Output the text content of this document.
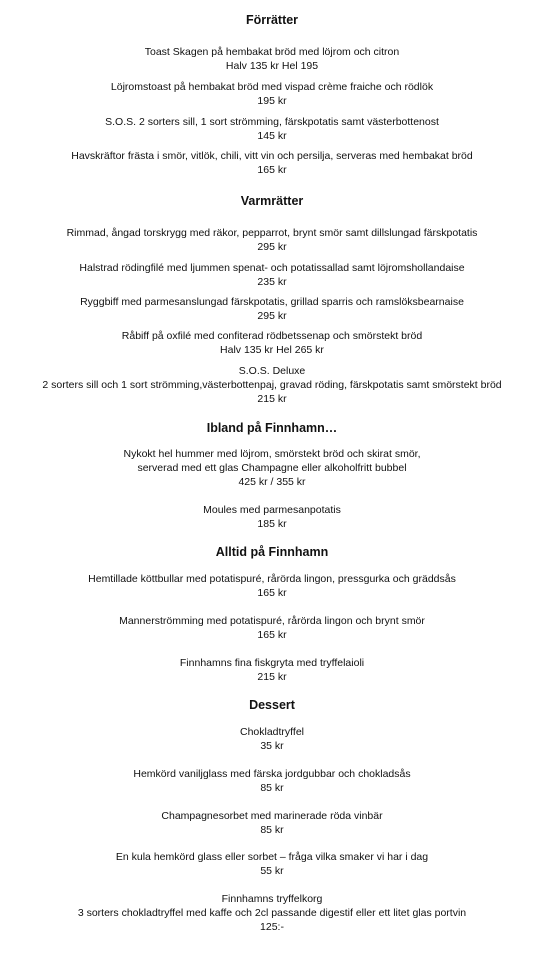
Förrätter
Toast Skagen på hembakat bröd med löjrom och citron
Halv 135 kr Hel 195
Löjromstoast på hembakat bröd med vispad crème fraiche och rödlök
195 kr
S.O.S. 2 sorters sill, 1 sort strömming, färskpotatis samt västerbottenost
145 kr
Havskräftor frästa i smör, vitlök, chili, vitt vin och persilja, serveras med hembakat bröd
165 kr
Varmrätter
Rimmad, ångad torskrygg med räkor, pepparrot, brynt smör samt dillslungad färskpotatis
295 kr
Halstrad rödingfilé med ljummen spenat- och potatissallad samt löjromshollandaise
235 kr
Ryggbiff med parmesanslungad färskpotatis, grillad sparris och ramslöksbearnaise
295 kr
Råbiff på oxfilé med confiterad rödbetssenap och smörstekt bröd
Halv 135 kr Hel 265 kr
S.O.S. Deluxe
2 sorters sill och 1 sort strömming,västerbottenpaj, gravad röding, färskpotatis samt smörstekt bröd
215 kr
Ibland på Finnhamn…
Nykokt hel hummer med löjrom, smörstekt bröd och skirat smör,
serverad med ett glas Champagne eller alkoholfritt bubbel
425 kr / 355 kr
Moules med parmesanpotatis
185 kr
Alltid på Finnhamn
Hemtillade köttbullar med potatispuré, rårörda lingon, pressgurka och gräddsås
165 kr
Mannerströmming med potatispuré, rårörda lingon och brynt smör
165 kr
Finnhamns fina fiskgryta med tryffelaioli
215 kr
Dessert
Chokladtryffel
35 kr
Hemkörd vaniljglass med färska jordgubbar och chokladsås
85 kr
Champagnesorbet med marinerade röda vinbär
85 kr
En kula hemkörd glass eller sorbet – fråga vilka smaker vi har i dag
55 kr
Finnhamns tryffelkorg
3 sorters chokladtryffel med kaffe och 2cl passande digestif eller ett litet glas portvin
125:-
